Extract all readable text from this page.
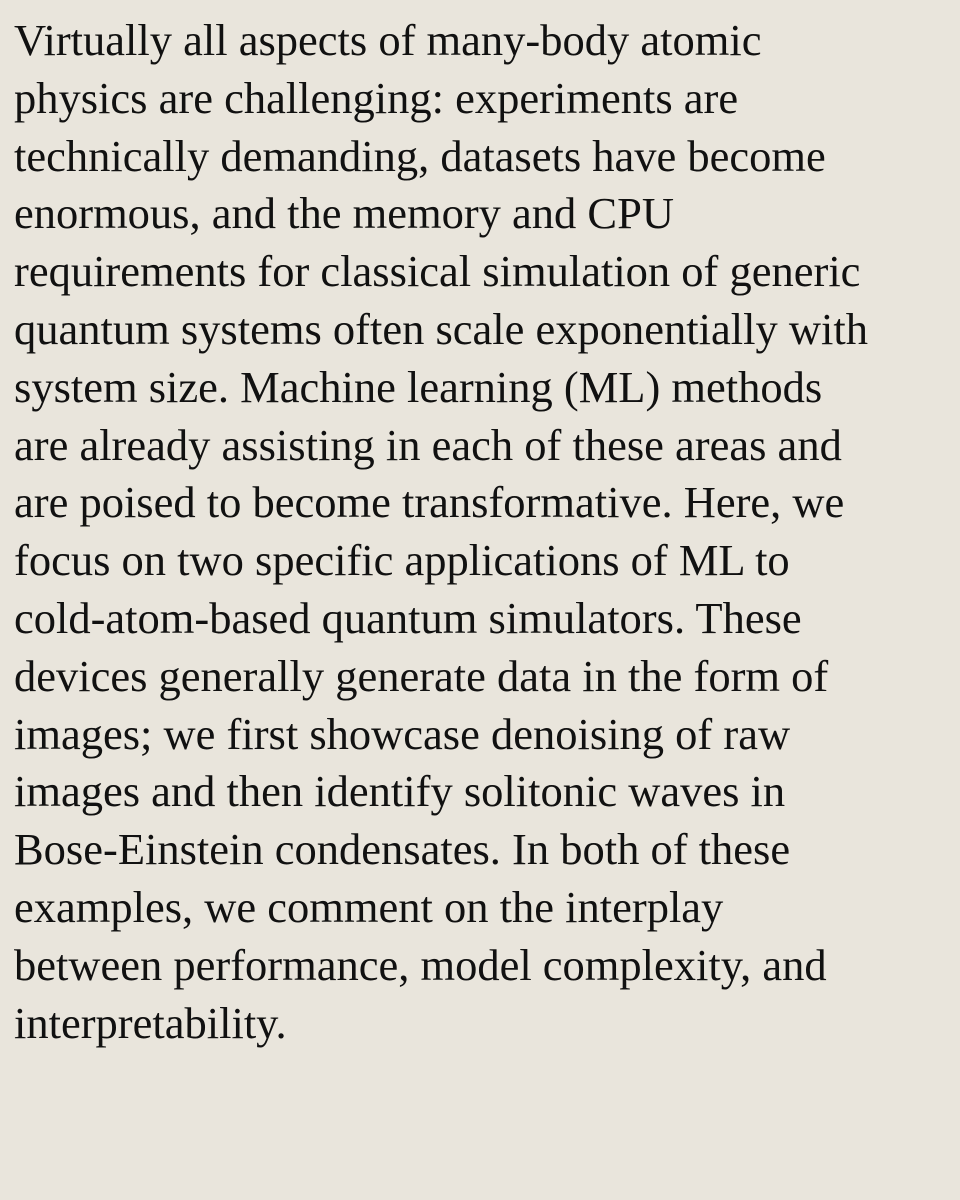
Virtually all aspects of many-body atomic
physics are challenging: experiments are
technically demanding, datasets have become
enormous, and the memory and CPU
requirements for classical simulation of generic
quantum systems often scale exponentially with
system size. Machine learning (ML) methods
are already assisting in each of these areas and
are poised to become transformative. Here, we
focus on two specific applications of ML to
cold-atom-based quantum simulators. These
devices generally generate data in the form of
images; we first showcase denoising of raw
images and then identify solitonic waves in
Bose-Einstein condensates. In both of these
examples, we comment on the interplay
between performance, model complexity, and
interpretability.
